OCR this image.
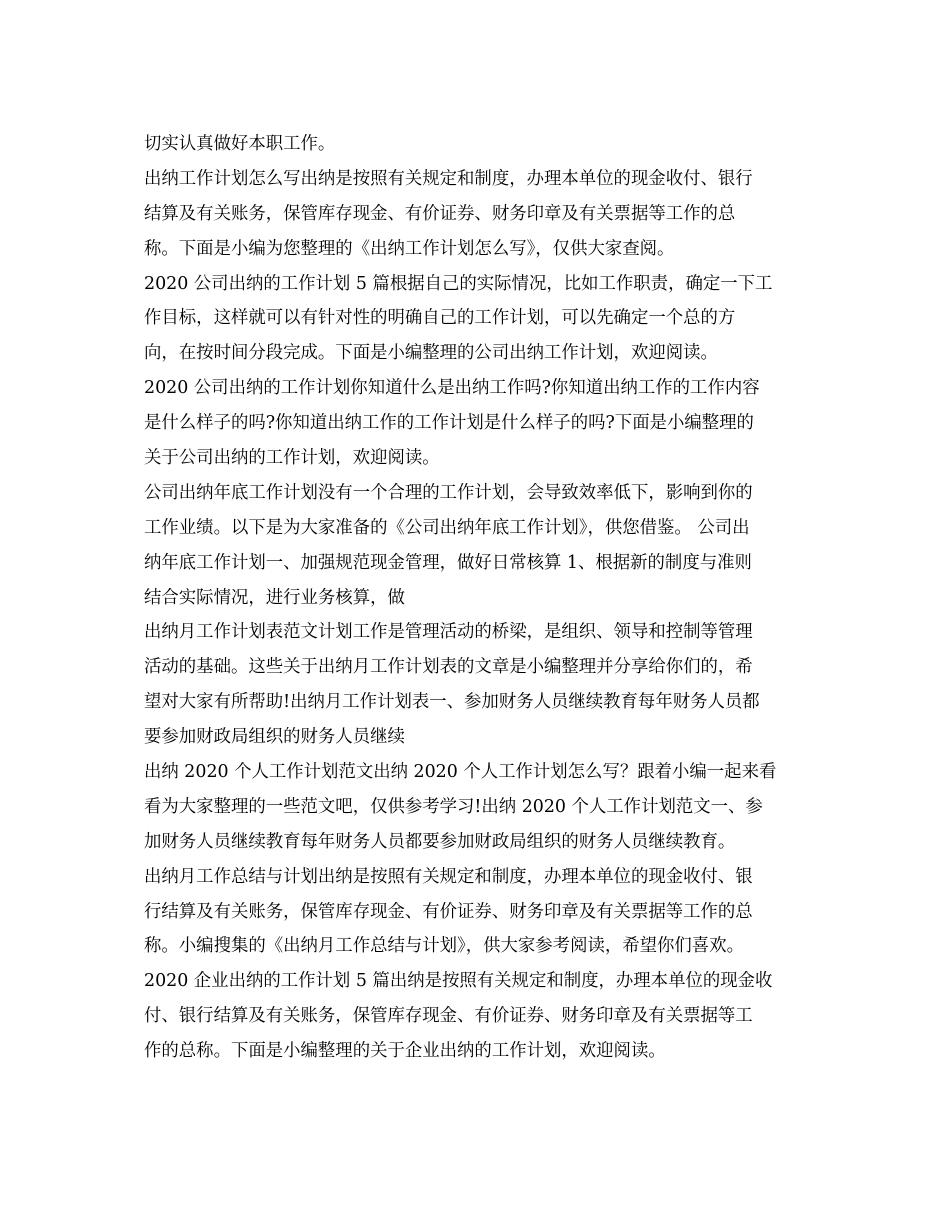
切实认真做好本职工作。
出纳工作计划怎么写出纳是按照有关规定和制度，办理本单位的现金收付、银行
结算及有关账务，保管库存现金、有价证券、财务印章及有关票据等工作的总
称。下面是小编为您整理的《出纳工作计划怎么写》，仅供大家查阅。
2020 公司出纳的工作计划 5 篇根据自己的实际情况，比如工作职责，确定一下工
作目标，这样就可以有针对性的明确自己的工作计划，可以先确定一个总的方
向，在按时间分段完成。下面是小编整理的公司出纳工作计划，欢迎阅读。
2020 公司出纳的工作计划你知道什么是出纳工作吗?你知道出纳工作的工作内容
是什么样子的吗?你知道出纳工作的工作计划是什么样子的吗?下面是小编整理的
关于公司出纳的工作计划，欢迎阅读。
公司出纳年底工作计划没有一个合理的工作计划，会导致效率低下，影响到你的
工作业绩。以下是为大家准备的《公司出纳年底工作计划》，供您借鉴。 公司出
纳年底工作计划一、加强规范现金管理，做好日常核算 1、根据新的制度与准则
结合实际情况，进行业务核算，做
出纳月工作计划表范文计划工作是管理活动的桥梁，是组织、领导和控制等管理
活动的基础。这些关于出纳月工作计划表的文章是小编整理并分享给你们的，希
望对大家有所帮助!出纳月工作计划表一、参加财务人员继续教育每年财务人员都
要参加财政局组织的财务人员继续
出纳 2020 个人工作计划范文出纳 2020 个人工作计划怎么写？跟着小编一起来看
看为大家整理的一些范文吧，仅供参考学习!出纳 2020 个人工作计划范文一、参
加财务人员继续教育每年财务人员都要参加财政局组织的财务人员继续教育。
出纳月工作总结与计划出纳是按照有关规定和制度，办理本单位的现金收付、银
行结算及有关账务，保管库存现金、有价证券、财务印章及有关票据等工作的总
称。小编搜集的《出纳月工作总结与计划》，供大家参考阅读，希望你们喜欢。
2020 企业出纳的工作计划 5 篇出纳是按照有关规定和制度，办理本单位的现金收
付、银行结算及有关账务，保管库存现金、有价证券、财务印章及有关票据等工
作的总称。下面是小编整理的关于企业出纳的工作计划，欢迎阅读。
